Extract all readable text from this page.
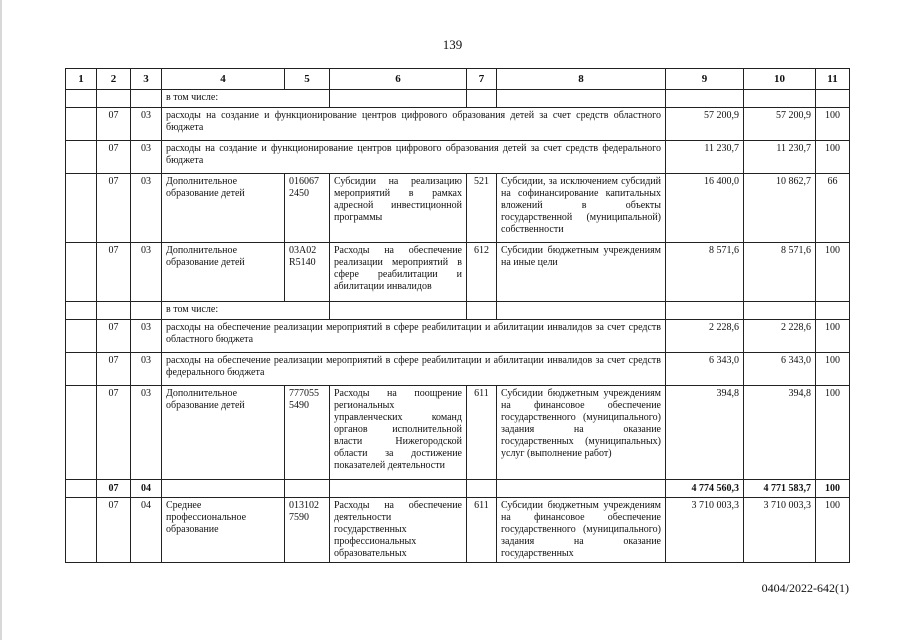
139
1	2	3	4	5	6	7	8	9	10	11
			в том числе:							
	07	03	расходы на создание и функционирование центров цифрового образования детей за счет средств областного бюджета					57 200,9	57 200,9	100
	07	03	расходы на создание и функционирование центров цифрового образования детей за счет средств федерального бюджета					11 230,7	11 230,7	100
	07	03	Дополнительное образование детей	016067 2450	Субсидии на реализацию мероприятий в рамках адресной инвестиционной программы	521	Субсидии, за исключением субсидий на софинансирование капитальных вложений в объекты государственной (муниципальной) собственности	16 400,0	10 862,7	66
	07	03	Дополнительное образование детей	03А02 R5140	Расходы на обеспечение реализации мероприятий в сфере реабилитации и абилитации инвалидов	612	Субсидии бюджетным учреждениям на иные цели	8 571,6	8 571,6	100
			в том числе:							
	07	03	расходы на обеспечение реализации мероприятий в сфере реабилитации и абилитации инвалидов за счет средств областного бюджета					2 228,6	2 228,6	100
	07	03	расходы на обеспечение реализации мероприятий в сфере реабилитации и абилитации инвалидов за счет средств федерального бюджета					6 343,0	6 343,0	100
	07	03	Дополнительное образование детей	777055 5490	Расходы на поощрение региональных управленческих команд органов исполнительной власти Нижегородской области за достижение показателей деятельности	611	Субсидии бюджетным учреждениям на финансовое обеспечение государственного (муниципального) задания на оказание государственных (муниципальных) услуг (выполнение работ)	394,8	394,8	100
	07	04						4 774 560,3	4 771 583,7	100
	07	04	Среднее профессиональное образование	013102 7590	Расходы на обеспечение деятельности государственных профессиональных образовательных	611	Субсидии бюджетным учреждениям на финансовое обеспечение государственного (муниципального) задания на оказание государственных	3 710 003,3	3 710 003,3	100
0404/2022-642(1)
